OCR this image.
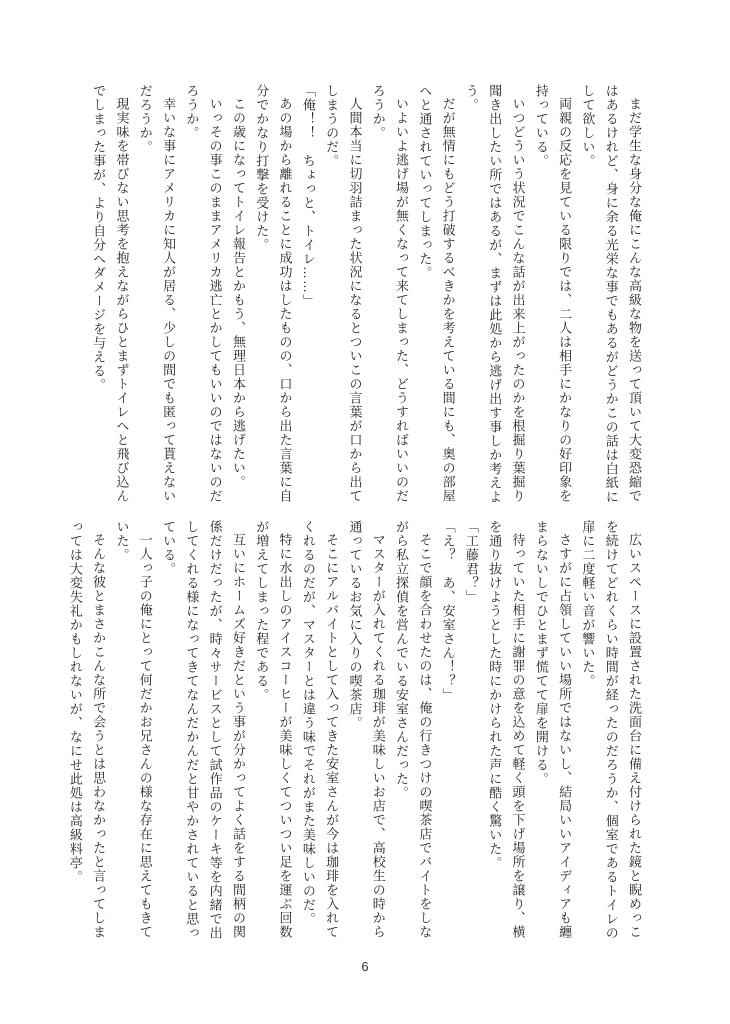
まだ学生な身分な俺にこんな高級な物を送って頂いて大変恐縮ではあるけれど、身に余る光栄な事でもあるがどうかこの話は白紙にして欲しい。

両親の反応を見ている限りでは、二人は相手にかなりの好印象を持っている。

いつどういう状況でこんな話が出来上がったのかを根掘り葉掘り聞き出したい所ではあるが、まずは此処から逃げ出す事しか考えよう。

だが無情にもどう打破するべきかを考えている間にも、奥の部屋へと通されていってしまった。

いよいよ逃げ場が無くなって来てしまった、どうすればいいのだろうか。

人間本当に切羽詰まった状況になるとついこの言葉が口から出てしまうのだ。

「俺！！　ちょっと、トイレ……」

あの場から離れることに成功はしたものの、口から出た言葉に自分でかなり打撃を受けた。

この歳になってトイレ報告とかもう、無理日本から逃げたい。

いっその事このままアメリカ逃亡とかしてもいいのではないのだろうか。

幸いな事にアメリカに知人が居る、少しの間でも匿って貰えないだろうか。

現実味を帯びない思考を抱えながらひとまずトイレへと飛び込んでしまった事が、より自分へダメージを与える。

広いスペースに設置された洗面台に備え付けられた鏡と睨めっこを続けてどれくらい時間が経ったのだろうか、個室であるトイレの扉に二度軽い音が響いた。

さすがに占領していい場所ではないし、結局いいアイディアも纏まらないしでひとまず慌てて扉を開ける。

待っていた相手に謝罪の意を込めて軽く頭を下げ場所を譲り、横を通り抜けようとした時にかけられた声に酷く驚いた。

「工藤君？」

「え？　あ、安室さん！？」

そこで顔を合わせたのは、俺の行きつけの喫茶店でバイトをしながら私立探偵を営んでいる安室さんだった。

マスターが入れてくれる珈琲が美味しいお店で、高校生の時から通っているお気に入りの喫茶店。

そこにアルバイトとして入ってきた安室さんが今は珈琲を入れてくれるのだが、マスターとは違う味でそれがまた美味しいのだ。

特に水出しのアイスコーヒーが美味しくてついつい足を運ぶ回数が増えてしまった程である。

互いにホームズ好きだという事が分かってよく話をする間柄の関係だけだったが、時々サービスとして試作品のケーキ等を内緒で出してくれる様になってきてなんだかんだと甘やかされていると思っている。

一人っ子の俺にとって何だかお兄さんの様な存在に思えてもきていた。

そんな彼とまさかこんな所で会うとは思わなかったと言ってしまっては大変失礼かもしれないが、なにせ此処は高級料亭。

6
